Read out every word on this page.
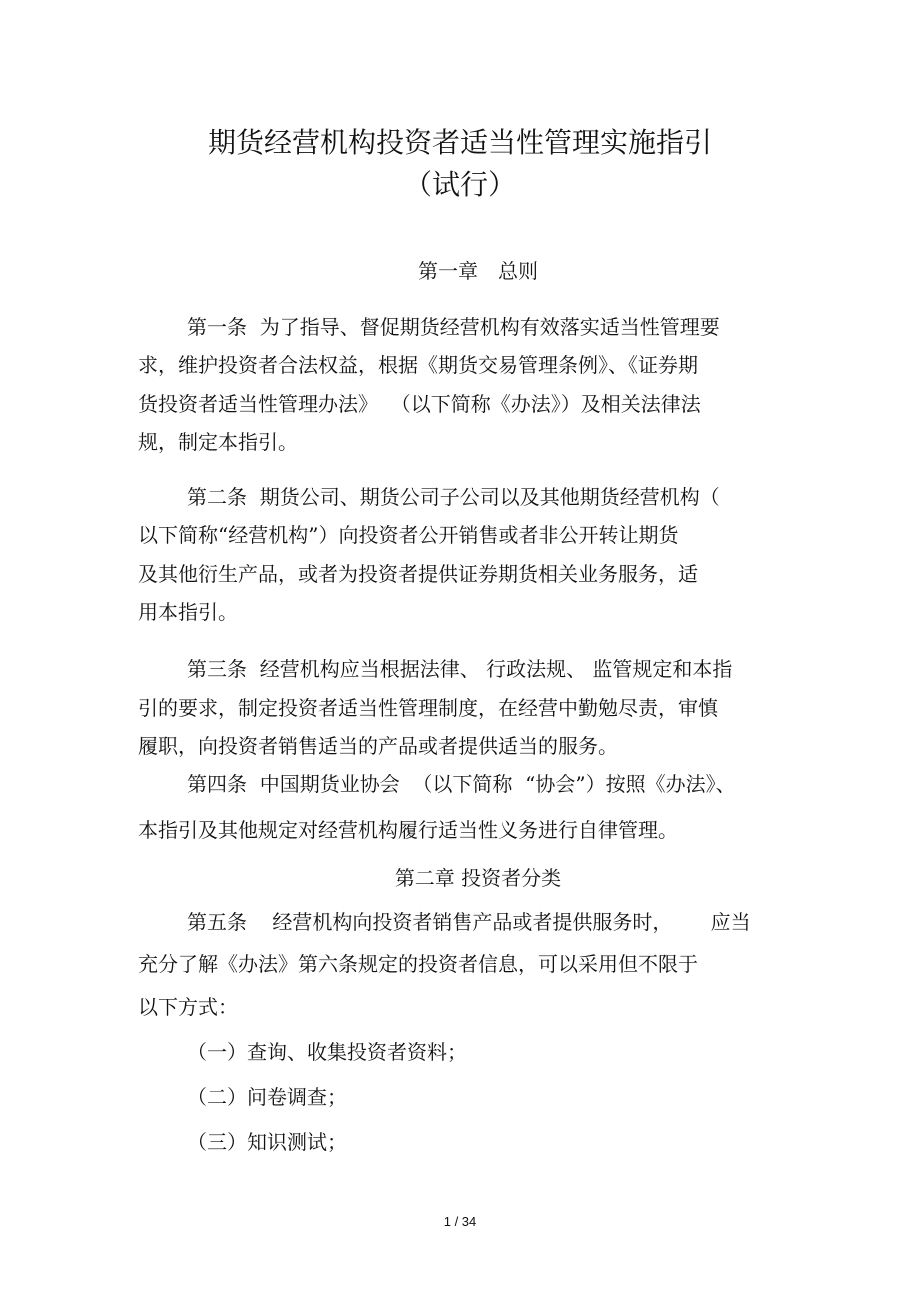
期货经营机构投资者适当性管理实施指引
（试行）
第一章　总则
第一条  为了指导、督促期货经营机构有效落实适当性管理要
求，维护投资者合法权益，根据《期货交易管理条例》、《证券期
货投资者适当性管理办法》  （以下简称《办法》）及相关法律法
规，制定本指引。
第二条  期货公司、期货公司子公司以及其他期货经营机构（
以下简称“经营机构”）向投资者公开销售或者非公开转让期货
及其他衍生产品，或者为投资者提供证券期货相关业务服务，适
用本指引。
第三条  经营机构应当根据法律、 行政法规、 监管规定和本指
引的要求，制定投资者适当性管理制度，在经营中勤勉尽责，审慎
履职，向投资者销售适当的产品或者提供适当的服务。
第四条  中国期货业协会  （以下简称  “协会”）按照《办法》、
本指引及其他规定对经营机构履行适当性义务进行自律管理。
第二章 投资者分类
第五条    经营机构向投资者销售产品或者提供服务时，      应当
充分了解《办法》第六条规定的投资者信息，可以采用但不限于
以下方式：
（一）查询、收集投资者资料；
（二）问卷调查；
（三）知识测试；
1 / 34
